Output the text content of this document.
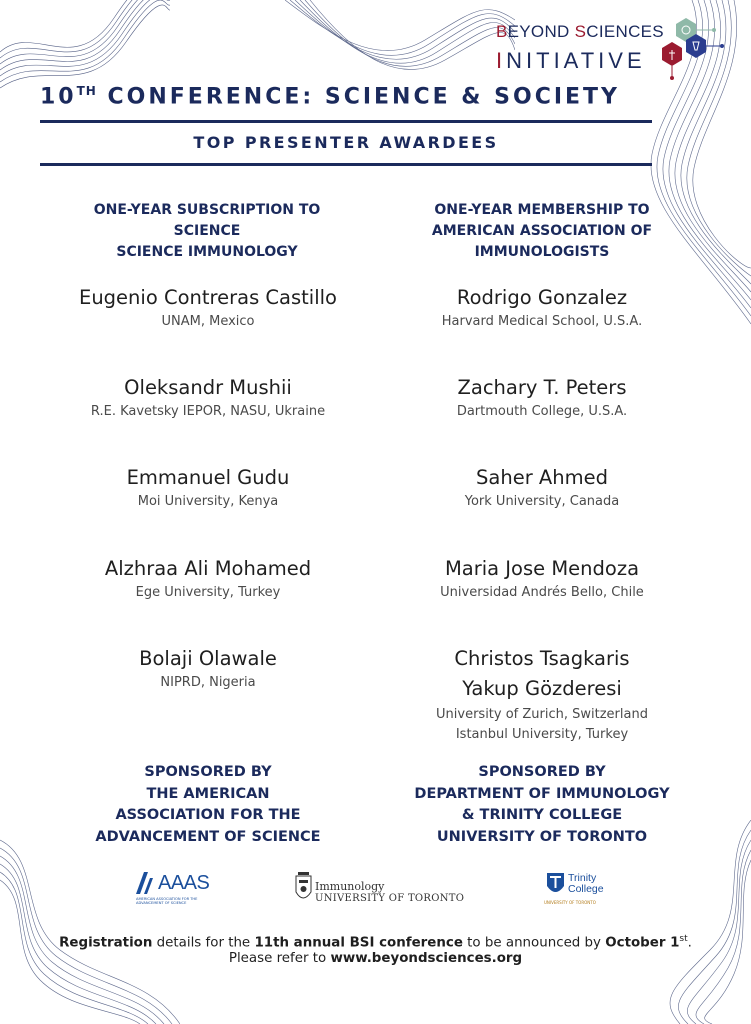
BEYOND SCIENCES
INITIATIVE
10TH CONFERENCE: SCIENCE & SOCIETY
TOP PRESENTER AWARDEES
ONE-YEAR SUBSCRIPTION TO
SCIENCE
SCIENCE IMMUNOLOGY
ONE-YEAR MEMBERSHIP TO
AMERICAN ASSOCIATION OF
IMMUNOLOGISTS
Eugenio Contreras Castillo
UNAM, Mexico
Oleksandr Mushii
R.E. Kavetsky IEPOR, NASU, Ukraine
Emmanuel Gudu
Moi University, Kenya
Alzhraa Ali Mohamed
Ege University, Turkey
Bolaji Olawale
NIPRD, Nigeria
Rodrigo Gonzalez
Harvard Medical School, U.S.A.
Zachary T. Peters
Dartmouth College, U.S.A.
Saher Ahmed
York University, Canada
Maria Jose Mendoza
Universidad Andrés Bello, Chile
Christos Tsagkaris
Yakup Gözderesi
University of Zurich, Switzerland
Istanbul University, Turkey
SPONSORED BY
THE AMERICAN
ASSOCIATION FOR THE
ADVANCEMENT OF SCIENCE
SPONSORED BY
DEPARTMENT OF IMMUNOLOGY
& TRINITY COLLEGE
UNIVERSITY OF TORONTO
AAAS
AMERICAN ASSOCIATION FOR THE ADVANCEMENT OF SCIENCE
Immunology
UNIVERSITY OF TORONTO
Trinity
College
UNIVERSITY OF TORONTO
Registration details for the 11th annual BSI conference to be announced by October 1st.
Please refer to www.beyondsciences.org
